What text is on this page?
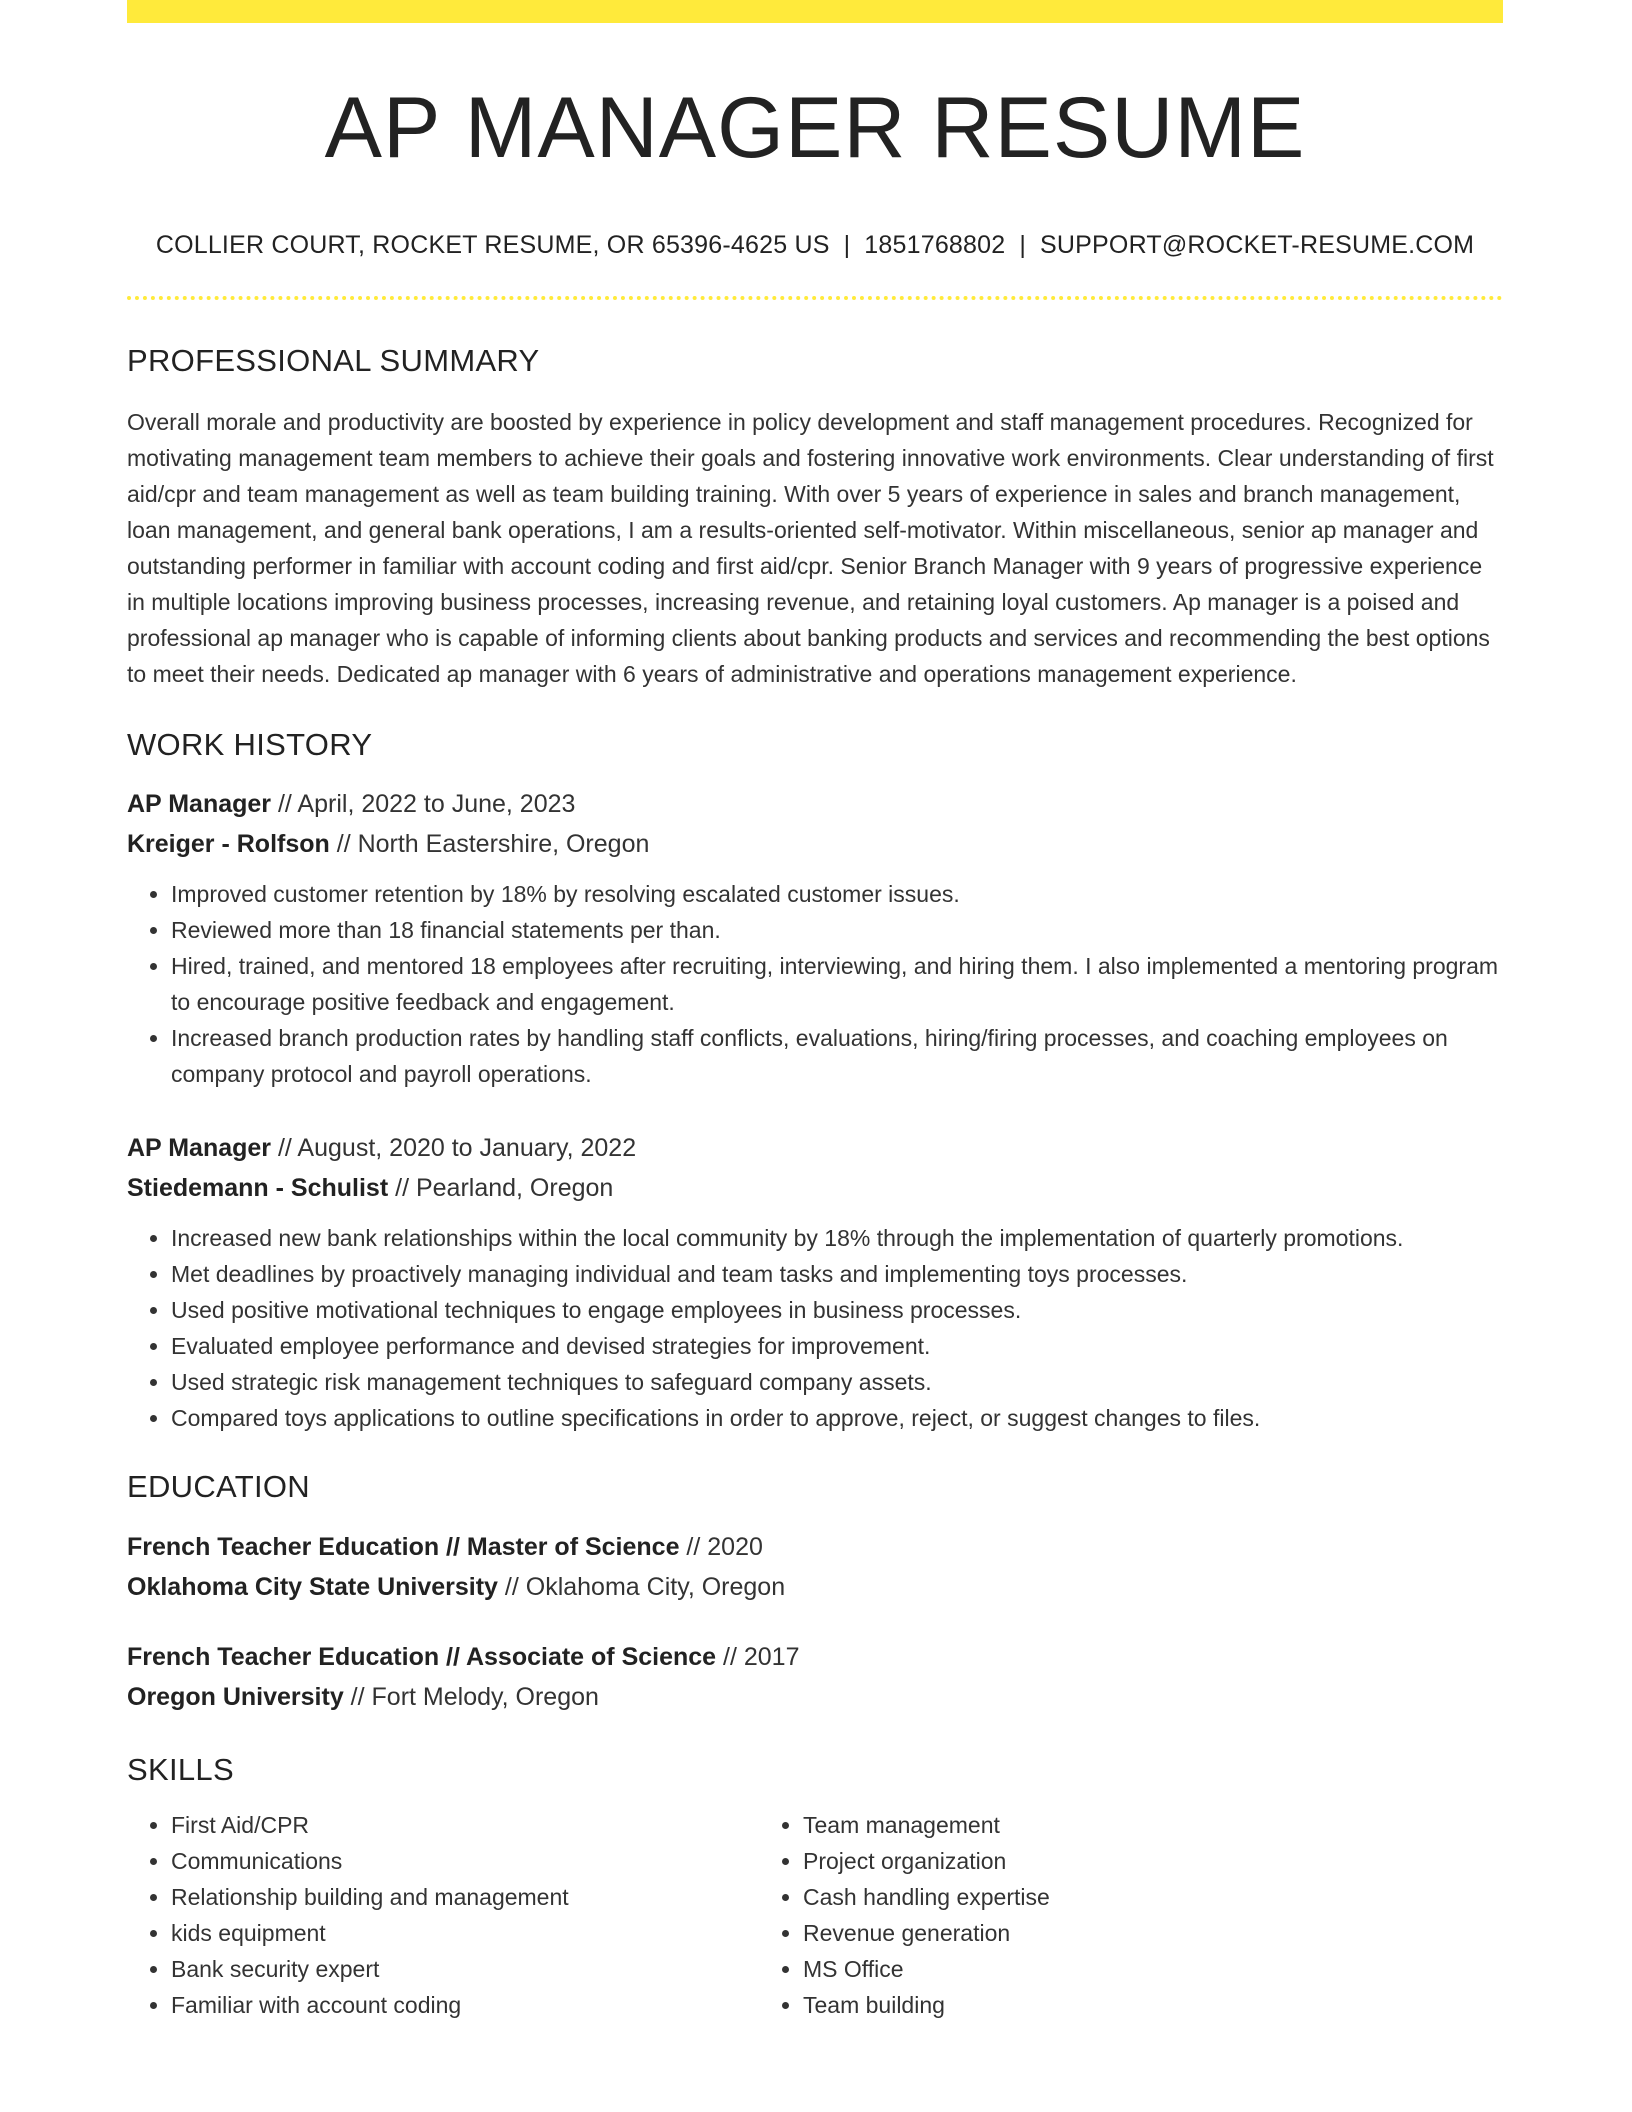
AP MANAGER RESUME
COLLIER COURT, ROCKET RESUME, OR 65396-4625 US | 1851768802 | SUPPORT@ROCKET-RESUME.COM
PROFESSIONAL SUMMARY
Overall morale and productivity are boosted by experience in policy development and staff management procedures. Recognized for motivating management team members to achieve their goals and fostering innovative work environments. Clear understanding of first aid/cpr and team management as well as team building training. With over 5 years of experience in sales and branch management, loan management, and general bank operations, I am a results-oriented self-motivator. Within miscellaneous, senior ap manager and outstanding performer in familiar with account coding and first aid/cpr. Senior Branch Manager with 9 years of progressive experience in multiple locations improving business processes, increasing revenue, and retaining loyal customers. Ap manager is a poised and professional ap manager who is capable of informing clients about banking products and services and recommending the best options to meet their needs. Dedicated ap manager with 6 years of administrative and operations management experience.
WORK HISTORY
AP Manager // April, 2022 to June, 2023
Kreiger - Rolfson // North Eastershire, Oregon
• Improved customer retention by 18% by resolving escalated customer issues.
• Reviewed more than 18 financial statements per than.
• Hired, trained, and mentored 18 employees after recruiting, interviewing, and hiring them. I also implemented a mentoring program to encourage positive feedback and engagement.
• Increased branch production rates by handling staff conflicts, evaluations, hiring/firing processes, and coaching employees on company protocol and payroll operations.
AP Manager // August, 2020 to January, 2022
Stiedemann - Schulist // Pearland, Oregon
• Increased new bank relationships within the local community by 18% through the implementation of quarterly promotions.
• Met deadlines by proactively managing individual and team tasks and implementing toys processes.
• Used positive motivational techniques to engage employees in business processes.
• Evaluated employee performance and devised strategies for improvement.
• Used strategic risk management techniques to safeguard company assets.
• Compared toys applications to outline specifications in order to approve, reject, or suggest changes to files.
EDUCATION
French Teacher Education // Master of Science // 2020
Oklahoma City State University // Oklahoma City, Oregon
French Teacher Education // Associate of Science // 2017
Oregon University // Fort Melody, Oregon
SKILLS
• First Aid/CPR
• Communications
• Relationship building and management
• kids equipment
• Bank security expert
• Familiar with account coding
• Team management
• Project organization
• Cash handling expertise
• Revenue generation
• MS Office
• Team building
